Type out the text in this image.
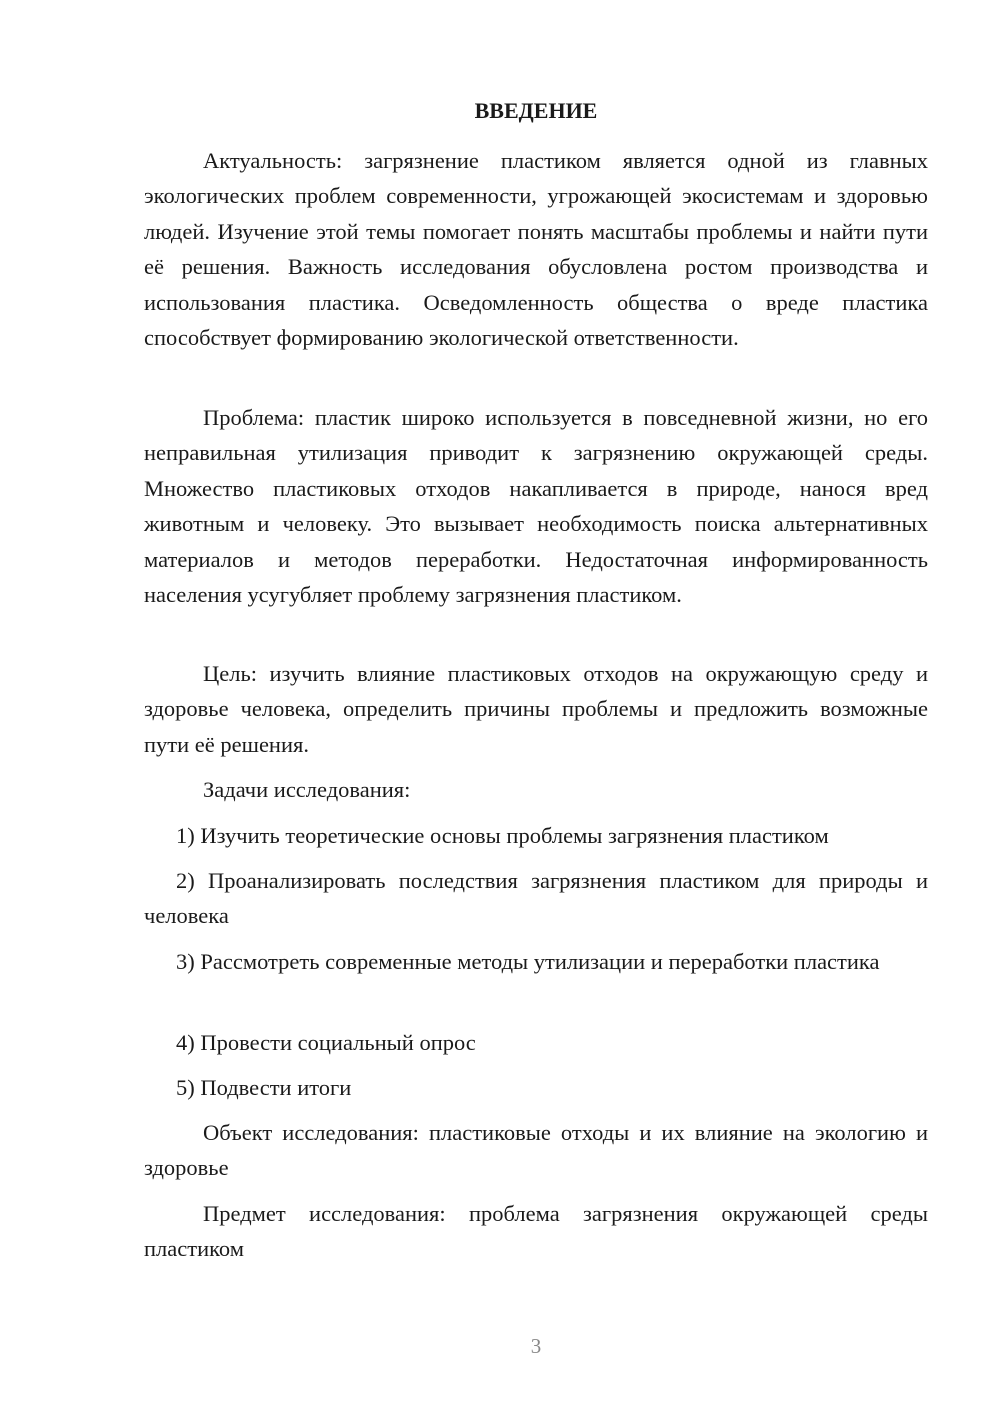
ВВЕДЕНИЕ

Актуальность: загрязнение пластиком является одной из главных экологических проблем современности, угрожающей экосистемам и здоровью людей. Изучение этой темы помогает понять масштабы проблемы и найти пути её решения. Важность исследования обусловлена ростом производства и использования пластика. Осведомленность общества о вреде пластика способствует формированию экологической ответственности.

Проблема: пластик широко используется в повседневной жизни, но его неправильная утилизация приводит к загрязнению окружающей среды. Множество пластиковых отходов накапливается в природе, нанося вред животным и человеку. Это вызывает необходимость поиска альтернативных материалов и методов переработки. Недостаточная информированность населения усугубляет проблему загрязнения пластиком.

Цель: изучить влияние пластиковых отходов на окружающую среду и здоровье человека, определить причины проблемы и предложить возможные пути её решения.

Задачи исследования:

1) Изучить теоретические основы проблемы загрязнения пластиком

2) Проанализировать последствия загрязнения пластиком для природы и человека

3) Рассмотреть современные методы утилизации и переработки пластика

4) Провести социальный опрос

5) Подвести итоги

Объект исследования: пластиковые отходы и их влияние на экологию и здоровье

Предмет исследования: проблема загрязнения окружающей среды пластиком

3
